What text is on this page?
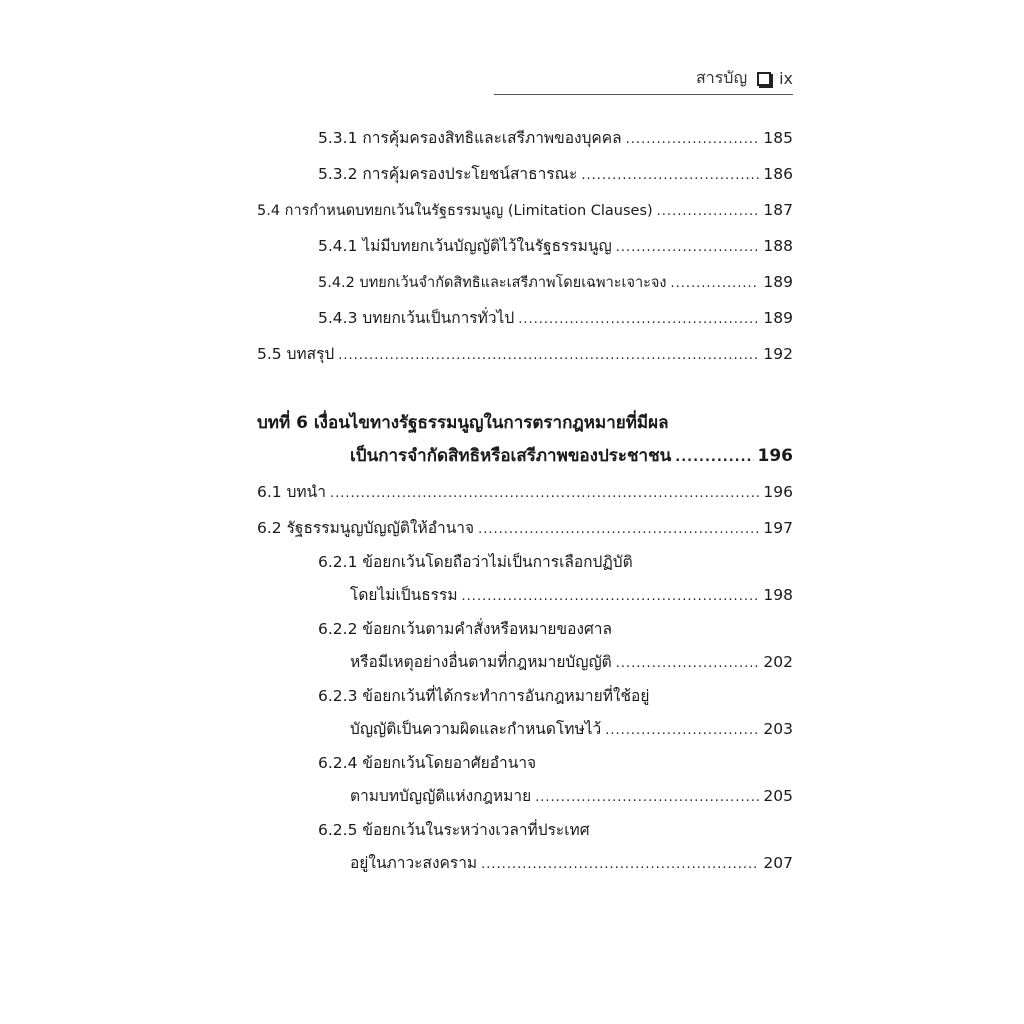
สารบัญ ix
5.3.1 การคุ้มครองสิทธิและเสรีภาพของบุคคล .....	185
5.3.2 การคุ้มครองประโยชน์สาธารณะ .....	186
5.4 การกำหนดบทยกเว้นในรัฐธรรมนูญ (Limitation Clauses) .....	187
5.4.1 ไม่มีบทยกเว้นบัญญัติไว้ในรัฐธรรมนูญ .....	188
5.4.2 บทยกเว้นจำกัดสิทธิและเสรีภาพโดยเฉพาะเจาะจง .....	189
5.4.3 บทยกเว้นเป็นการทั่วไป .....	189
5.5 บทสรุป .....	192
บทที่ 6 เงื่อนไขทางรัฐธรรมนูญในการตรากฎหมายที่มีผล
เป็นการจำกัดสิทธิหรือเสรีภาพของประชาชน .....	196
6.1 บทนำ .....	196
6.2 รัฐธรรมนูญบัญญัติให้อำนาจ .....	197
6.2.1 ข้อยกเว้นโดยถือว่าไม่เป็นการเลือกปฏิบัติ
โดยไม่เป็นธรรม .....	198
6.2.2 ข้อยกเว้นตามคำสั่งหรือหมายของศาล
หรือมีเหตุอย่างอื่นตามที่กฎหมายบัญญัติ .....	202
6.2.3 ข้อยกเว้นที่ได้กระทำการอันกฎหมายที่ใช้อยู่
บัญญัติเป็นความผิดและกำหนดโทษไว้ .....	203
6.2.4 ข้อยกเว้นโดยอาศัยอำนาจ
ตามบทบัญญัติแห่งกฎหมาย .....	205
6.2.5 ข้อยกเว้นในระหว่างเวลาที่ประเทศ
อยู่ในภาวะสงคราม .....	207
